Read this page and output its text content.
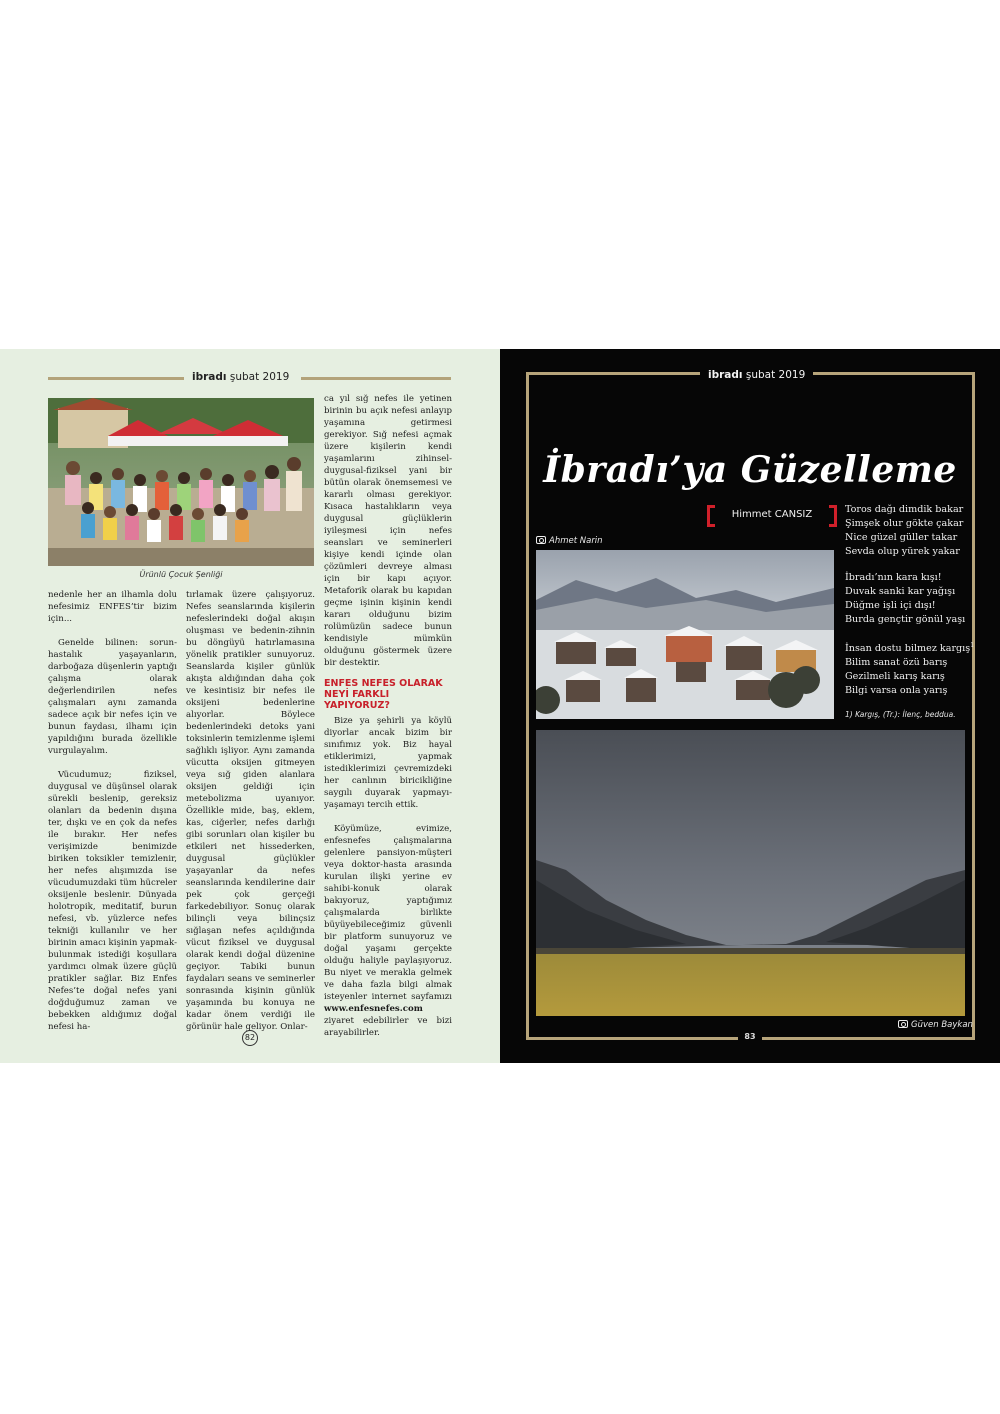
ibradı şubat 2019
Ürünlü Çocuk Şenliği

nedenle her an ilhamla dolu nefesimiz ENFES’tir bizim için...

Genelde bilinen: sorun-hastalık yaşayanların, darboğaza düşenlerin yaptığı çalışma olarak değerlendirilen nefes çalışmaları aynı zamanda sadece açık bir nefes için ve bunun faydası, ilhamı için yapıldığını burada özellikle vurgulayalım.

Vücudumuz; fiziksel, duygusal ve düşünsel olarak sürekli beslenip, gereksiz olanları da bedenin dışına ter, dışkı ve en çok da nefes ile bırakır. Her nefes verişimizde benimizde biriken toksikler temizlenir, her nefes alışımızda ise vücudumuzdaki tüm hücreler oksijenle beslenir. Dünyada holotropik, meditatif, burun nefesi, vb. yüzlerce nefes tekniği kullanılır ve her birinin amacı kişinin yapmak-bulunmak istediği koşullara yardımcı olmak üzere güçlü pratikler sağlar. Biz Enfes Nefes’te doğal nefes yani doğduğumuz zaman ve bebekken aldığımız doğal nefesi ha-

tırlamak üzere çalışıyoruz. Nefes seanslarında kişilerin nefeslerindeki doğal akışın oluşması ve bedenin-zihnin bu döngüyü hatırlamasına yönelik pratikler sunuyoruz. Seanslarda kişiler günlük akışta aldığından daha çok ve kesintisiz bir nefes ile oksijeni bedenlerine alıyorlar. Böylece bedenlerindeki detoks yani toksinlerin temizlenme işlemi sağlıklı işliyor. Aynı zamanda vücutta oksijen gitmeyen veya sığ giden alanlara oksijen geldiği için metebolizma uyanıyor. Özellikle mide, baş, eklem, kas, ciğerler, nefes darlığı gibi sorunları olan kişiler bu etkileri net hissederken, duygusal güçlükler yaşayanlar da nefes seanslarında kendilerine dair pek çok gerçeği farkedebiliyor. Sonuç olarak bilinçli veya bilinçsiz sığlaşan nefes açıldığında vücut fiziksel ve duygusal olarak kendi doğal düzenine geçiyor. Tabiki bunun faydaları seans ve seminerler sonrasında kişinin günlük yaşamında bu konuya ne kadar önem verdiği ile görünür hale geliyor. Onlar-

ca yıl sığ nefes ile yetinen birinin bu açık nefesi anlayıp yaşamına getirmesi gerekiyor. Sığ nefesi açmak üzere kişilerin kendi yaşamlarını zihinsel-duygusal-fiziksel yani bir bütün olarak önemsemesi ve kararlı olması gerekiyor. Kısaca hastalıkların veya duygusal güçlüklerin iyileşmesi için nefes seansları ve seminerleri kişiye kendi içinde olan çözümleri devreye alması için bir kapı açıyor. Metaforik olarak bu kapıdan geçme işinin kişinin kendi kararı olduğunu bizim rolümüzün sadece bunun kendisiyle mümkün olduğunu göstermek üzere bir destektir.

ENFES NEFES OLARAK NEYİ FARKLI YAPIYORUZ?

Bize ya şehirli ya köylü diyorlar ancak bizim bir sınıfımız yok. Biz hayal etiklerimizi, yapmak istediklerimizi çevremizdeki her canlının biricikliğine saygılı duyarak yapmayı-yaşamayı tercih ettik.

Köyümüze, evimize, enfesnefes çalışmalarına gelenlere pansiyon-müşteri veya doktor-hasta arasında kurulan ilişki yerine ev sahibi-konuk olarak bakıyoruz, yaptığımız çalışmalarda birlikte büyüyebileceğimiz güvenli bir platform sunuyoruz ve doğal yaşamı gerçekte olduğu haliyle paylaşıyoruz. Bu niyet ve merakla gelmek ve daha fazla bilgi almak isteyenler internet sayfamızı www.enfesnefes.com ziyaret edebilirler ve bizi arayabilirler.

82
ibradı şubat 2019
İbradı’ya Güzelleme
Himmet CANSIZ
Ahmet Narin
Toros dağı dimdik bakar
Şimşek olur gökte çakar
Nice güzel güller takar
Sevda olup yürek yakar
İbradı’nın kara kışı!
Duvak sanki kar yağışı
Düğme işli içi dışı!
Burda gençtir gönül yaşı
İnsan dostu bilmez kargış$^1$
Bilim sanat özü barış
Gezilmeli karış karış
Bilgi varsa onla yarış
1) Kargış, (Tr.): İlenç, beddua.
Güven Baykan
83
